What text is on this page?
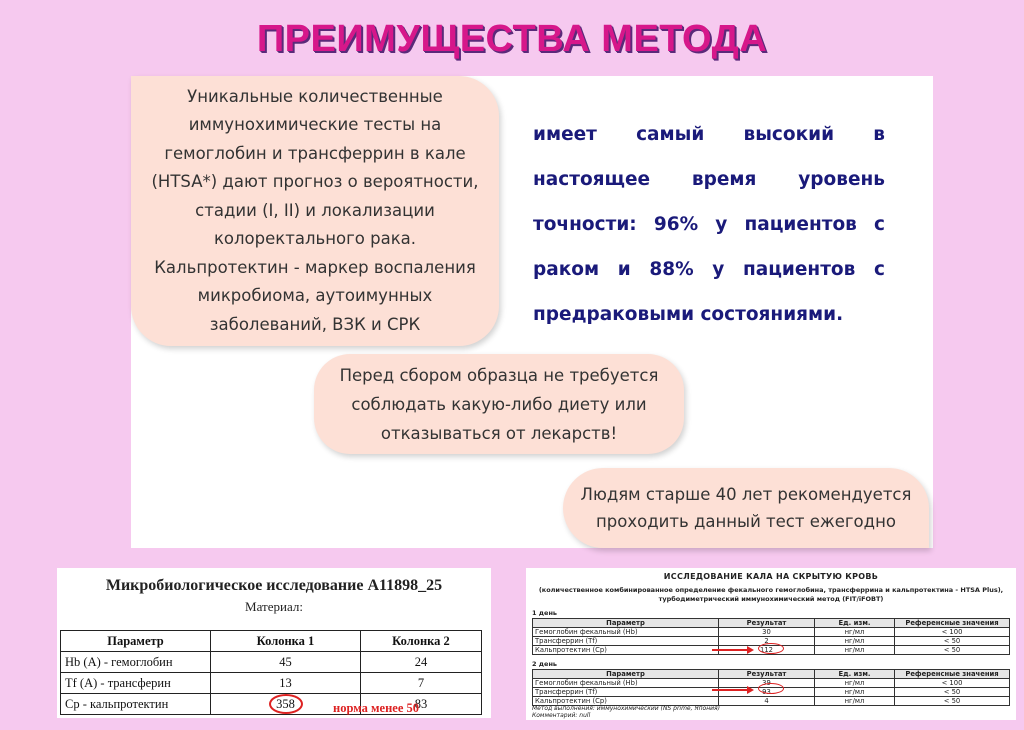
ПРЕИМУЩЕСТВА МЕТОДА

Уникальные количественные
иммунохимические тесты на
гемоглобин и трансферрин в кале
(HTSA*) дают прогноз о вероятности,
стадии (I, II) и локализации
колоректального рака.
Кальпротектин - маркер воспаления
микробиома, аутоимунных
заболеваний, ВЗК и СРК

имеет самый высокий в
настоящее время уровень
точности: 96% у пациентов с
раком и 88% у пациентов с
предраковыми состояниями.

Перед сбором образца не требуется
соблюдать какую-либо диету или
отказываться от лекарств!

Людям старше 40 лет рекомендуется
проходить данный тест ежегодно

Микробиологическое исследование А11898_25
Материал:
Параметр	Колонка 1	Колонка 2
Hb (A) - гемоглобин	45	24
Tf (A) - трансферин	13	7
Cp - кальпротектин	358	83
норма менее 50
ИССЛЕДОВАНИЕ КАЛА НА СКРЫТУЮ КРОВЬ
(количественное комбинированное определение фекального гемоглобина, трансферрина и кальпротектина - HTSA Plus), турбодиметрический иммунохимический метод (FIT/iFOBT)
1 день
Параметр	Результат	Ед. изм.	Референсные значения
Гемоглобин фекальный (Hb)	30	нг/мл	< 100
Трансферрин (Tf)	2	нг/мл	< 50
Кальпротектин (Cp)	112	нг/мл	< 50
2 день
Параметр	Результат	Ед. изм.	Референсные значения
Гемоглобин фекальный (Hb)	39	нг/мл	< 100
Трансферрин (Tf)	93	нг/мл	< 50
Кальпротектин (Cp)	4	нг/мл	< 50
Метод выполнения: иммунохимический (NS prime, Япония)
Комментарий: null
